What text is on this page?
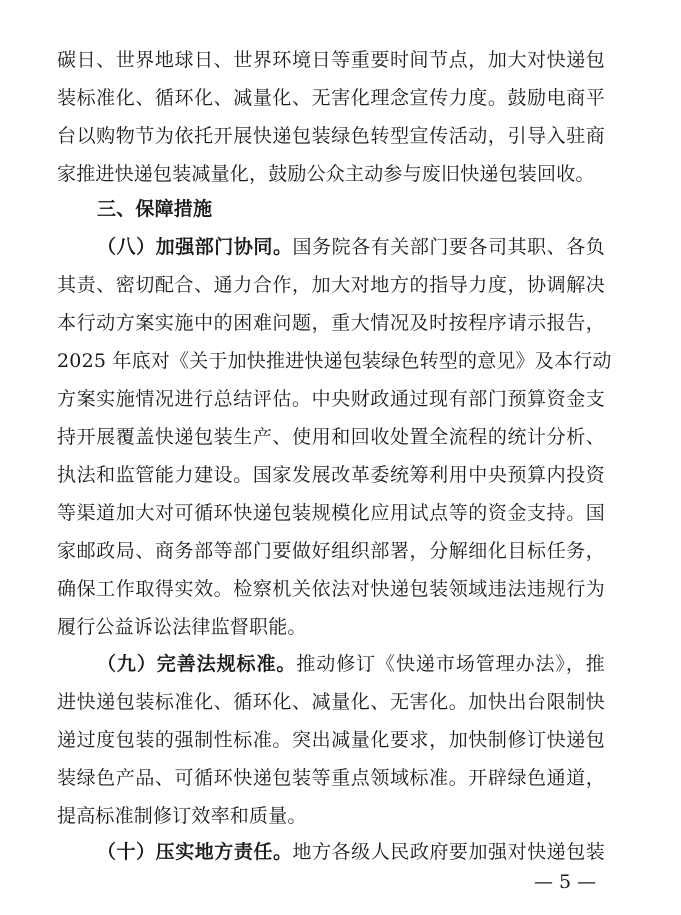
碳日、世界地球日、世界环境日等重要时间节点，加大对快递包
装标准化、循环化、减量化、无害化理念宣传力度。鼓励电商平
台以购物节为依托开展快递包装绿色转型宣传活动，引导入驻商
家推进快递包装减量化，鼓励公众主动参与废旧快递包装回收。
三、保障措施
（八）加强部门协同。国务院各有关部门要各司其职、各负
其责、密切配合、通力合作，加大对地方的指导力度，协调解决
本行动方案实施中的困难问题，重大情况及时按程序请示报告，
2025 年底对《关于加快推进快递包装绿色转型的意见》及本行动
方案实施情况进行总结评估。中央财政通过现有部门预算资金支
持开展覆盖快递包装生产、使用和回收处置全流程的统计分析、
执法和监管能力建设。国家发展改革委统筹利用中央预算内投资
等渠道加大对可循环快递包装规模化应用试点等的资金支持。国
家邮政局、商务部等部门要做好组织部署，分解细化目标任务，
确保工作取得实效。检察机关依法对快递包装领域违法违规行为
履行公益诉讼法律监督职能。
（九）完善法规标准。推动修订《快递市场管理办法》，推
进快递包装标准化、循环化、减量化、无害化。加快出台限制快
递过度包装的强制性标准。突出减量化要求，加快制修订快递包
装绿色产品、可循环快递包装等重点领域标准。开辟绿色通道，
提高标准制修订效率和质量。
（十）压实地方责任。地方各级人民政府要加强对快递包装
— 5 —
